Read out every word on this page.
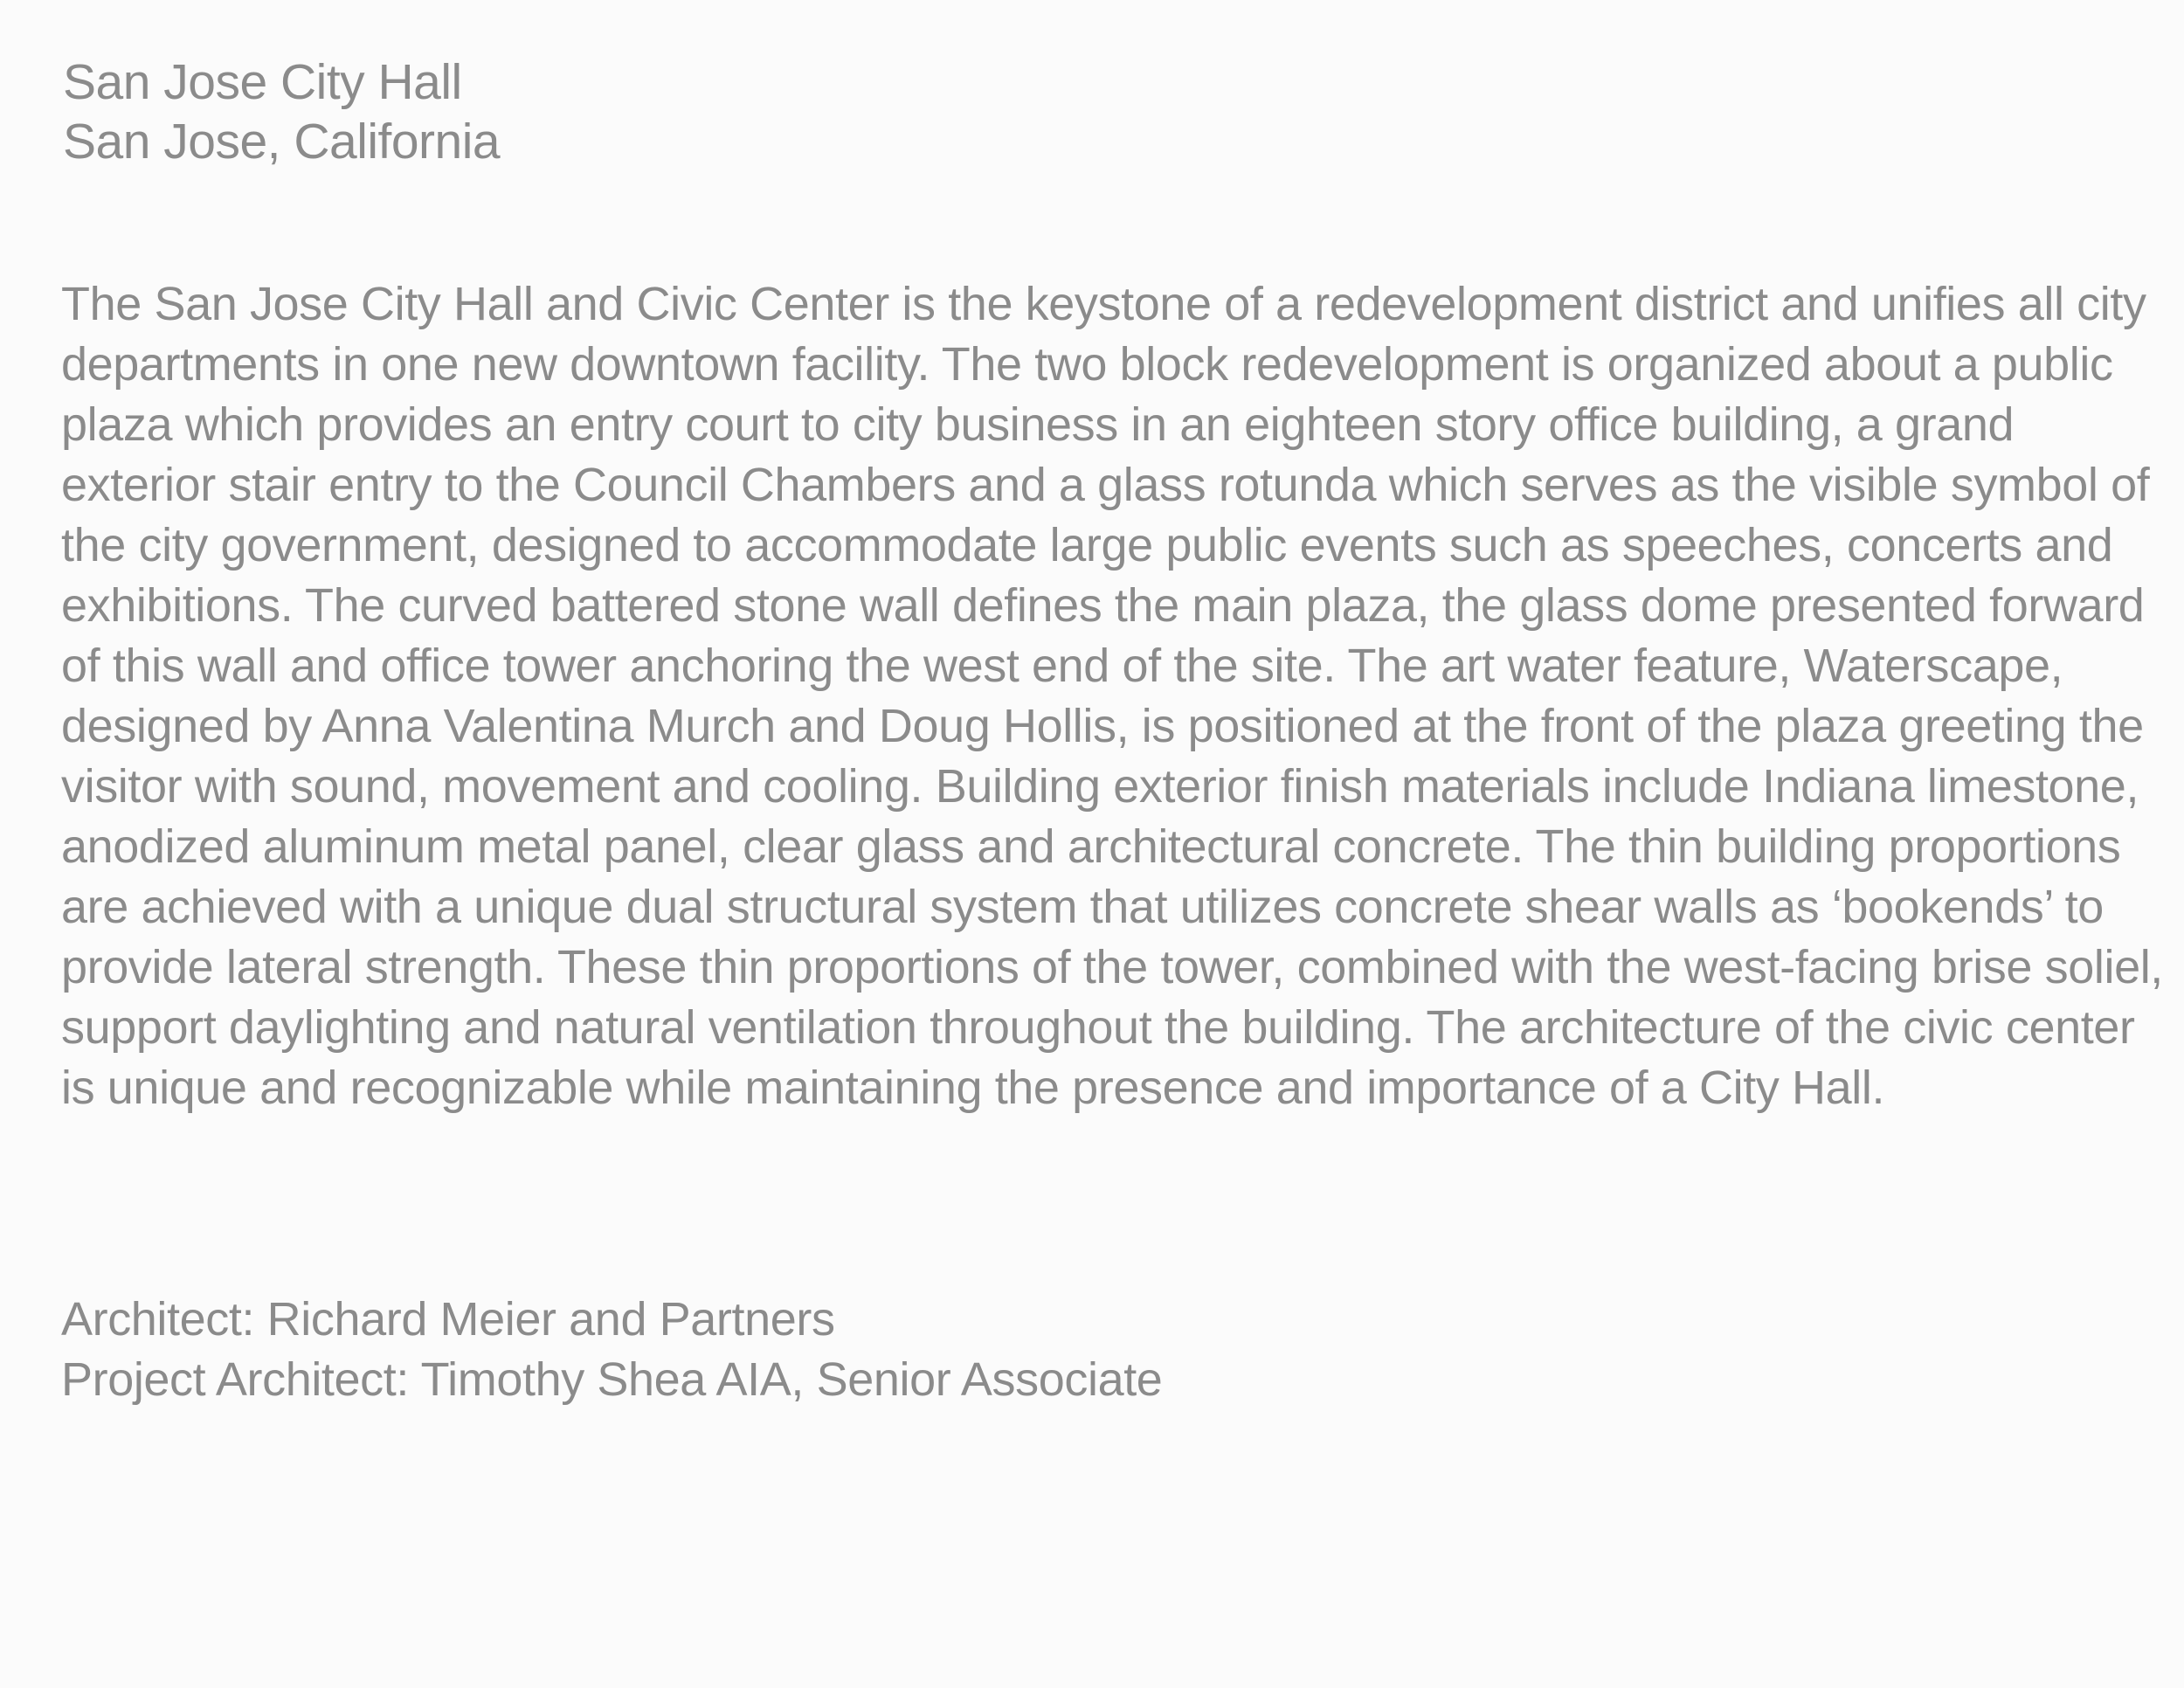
San Jose City Hall
San Jose, California

The San Jose City Hall and Civic Center is the keystone of a redevelopment district and unifies all city departments in one new downtown facility. The two block redevelopment is organized about a public plaza which provides an entry court to city business in an eighteen story office building, a grand exterior stair entry to the Council Chambers and a glass rotunda which serves as the visible symbol of the city government, designed to accommodate large public events such as speeches, concerts and exhibitions. The curved battered stone wall defines the main plaza, the glass dome presented forward of this wall and office tower anchoring the west end of the site. The art water feature, Waterscape, designed by Anna Valentina Murch and Doug Hollis, is positioned at the front of the plaza greeting the visitor with sound, movement and cooling. Building exterior finish materials include Indiana limestone, anodized aluminum metal panel, clear glass and architectural concrete. The thin building proportions are achieved with a unique dual structural system that utilizes concrete shear walls as ‘bookends’ to provide lateral strength. These thin proportions of the tower, combined with the west-facing brise soliel, support daylighting and natural ventilation throughout the building. The architecture of the civic center is unique and recognizable while maintaining the presence and importance of a City Hall.

Architect: Richard Meier and Partners
Project Architect: Timothy Shea AIA, Senior Associate
